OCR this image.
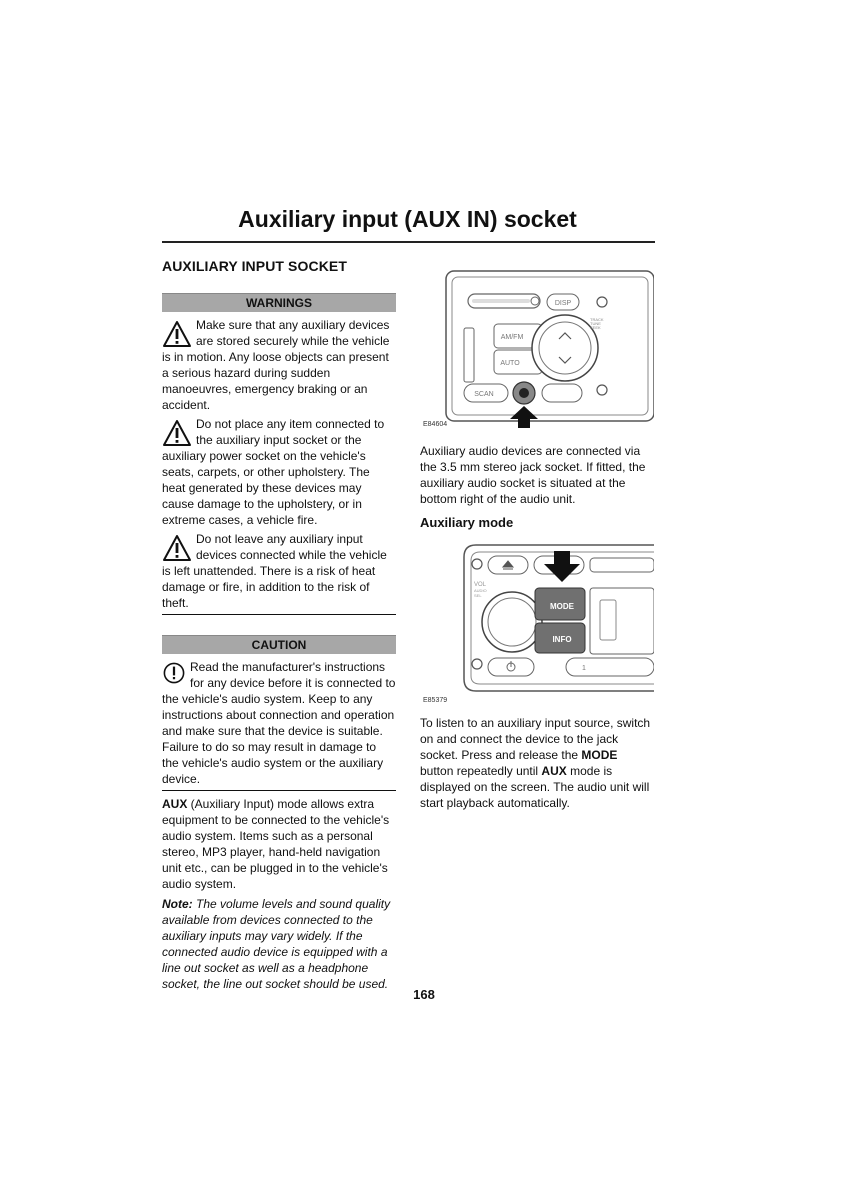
Auxiliary input (AUX IN) socket
AUXILIARY INPUT SOCKET
WARNINGS
Make sure that any auxiliary devices are stored securely while the vehicle is in motion. Any loose objects can present a serious hazard during sudden manoeuvres, emergency braking or an accident.
Do not place any item connected to the auxiliary input socket or the auxiliary power socket on the vehicle's seats, carpets, or other upholstery. The heat generated by these devices may cause damage to the upholstery, or in extreme cases, a vehicle fire.
Do not leave any auxiliary input devices connected while the vehicle is left unattended. There is a risk of heat damage or fire, in addition to the risk of theft.
CAUTION
Read the manufacturer's instructions for any device before it is connected to the vehicle's audio system. Keep to any instructions about connection and operation and make sure that the device is suitable. Failure to do so may result in damage to the vehicle's audio system or the auxiliary device.

AUX (Auxiliary Input) mode allows extra equipment to be connected to the vehicle's audio system. Items such as a personal stereo, MP3 player, hand-held navigation unit etc., can be plugged in to the vehicle's audio system.

Note: The volume levels and sound quality available from devices connected to the auxiliary inputs may vary widely. If the connected audio device is equipped with a line out socket as well as a headphone socket, the line out socket should be used.

DISP
AM/FM
AUTO
TRACK
TUNE
SEEK
SCAN
E84604

Auxiliary audio devices are connected via the 3.5 mm stereo jack socket. If fitted, the auxiliary audio socket is situated at the bottom right of the audio unit.

Auxiliary mode
VOL
AUDIO
SEL
MODE
INFO
1
E85379

To listen to an auxiliary input source, switch on and connect the device to the jack socket. Press and release the MODE button repeatedly until AUX mode is displayed on the screen. The audio unit will start playback automatically.

168
